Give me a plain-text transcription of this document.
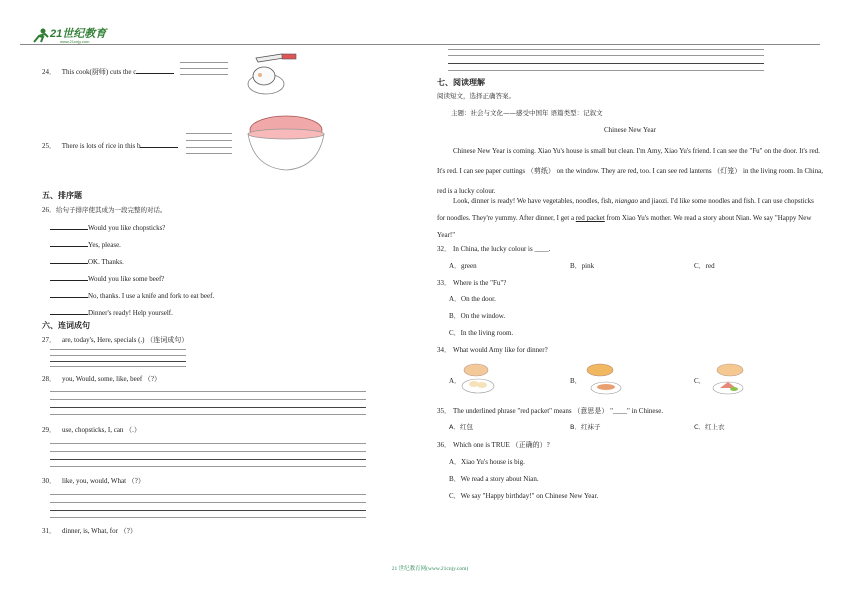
21世纪教育
www.21cnjy.com
24． This cook(厨师) cuts the c
25． There is lots of rice in this b
五、排序题
26．给句子排序使其成为一段完整的对话。
Would you like chopsticks?
Yes, please.
OK. Thanks.
Would you like some beef?
No, thanks. I use a knife and fork to eat beef.
Dinner's ready! Help yourself.
六、连词成句
27． are, today's, Here, specials (.) （连词成句）
28． you, Would, some, like, beef （?）
29． use, chopsticks, I, can （.）
30． like, you, would, What （?）
31． dinner, is, What, for （?）
七、阅读理解
阅读短文，选择正确答案。
主题：社会与文化——感受中国年 语篇类型：记叙文
Chinese New Year
Chinese New Year is coming. Xiao Yu's house is small but clean. I'm Amy, Xiao Yu's friend. I can see the "Fu" on the door. It's red. It's red. I can see paper cuttings （剪纸） on the window. They are red, too. I can see red lanterns （灯笼） in the living room. In China, red is a lucky colour.
Look, dinner is ready! We have vegetables, noodles, fish, niangao and jiaozi. I'd like some noodles and fish. I can use chopsticks for noodles. They're yummy. After dinner, I get a red packet from Xiao Yu's mother. We read a story about Nian. We say "Happy New Year!"
32． In China, the lucky colour is ____.
A．green	B．pink	C．red
33． Where is the "Fu"?
A．On the door.
B．On the window.
C．In the living room.
34． What would Amy like for dinner?
A．	B．	C．
35． The underlined phrase "red packet" means （意思是） "____" in Chinese.
A．红包	B．红袜子	C．红上衣
36． Which one is TRUE （正确的）?
A．Xiao Yu's house is big.
B．We read a story about Nian.
C．We say "Happy birthday!" on Chinese New Year.
21 世纪教育网(www.21cnjy.com)
